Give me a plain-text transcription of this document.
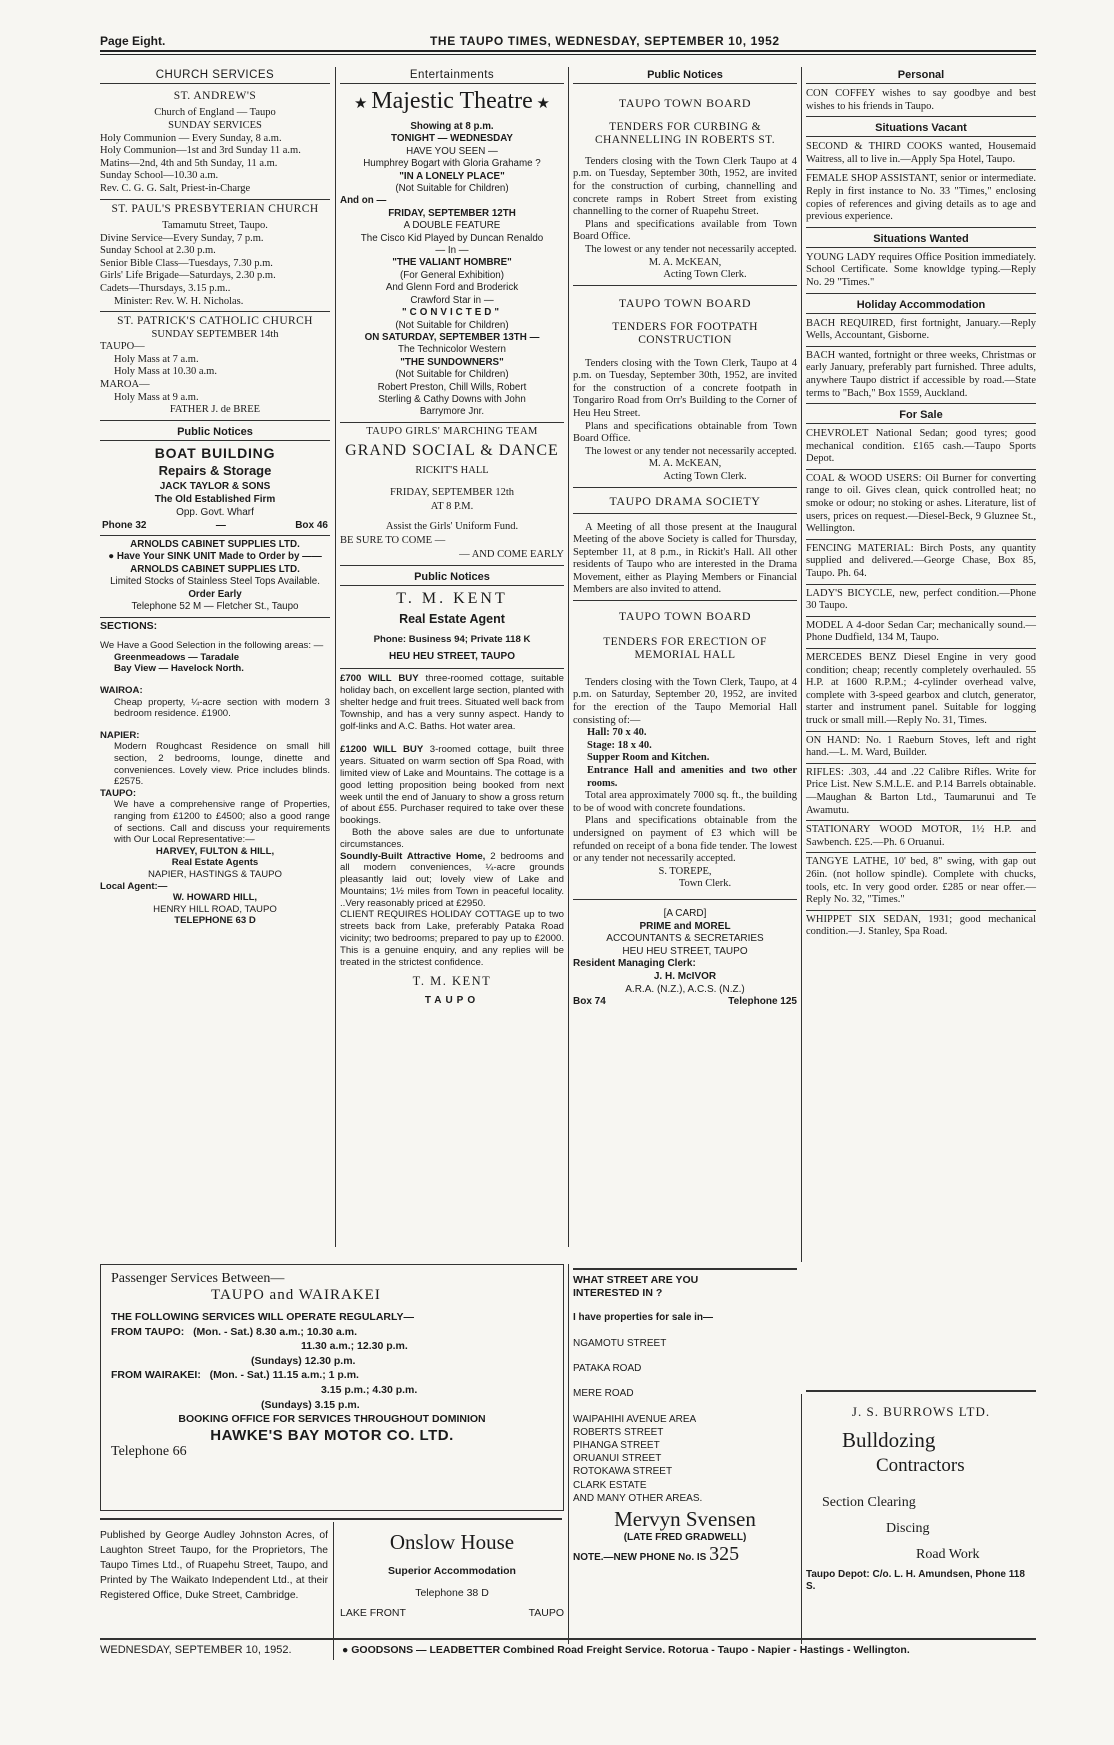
Page Eight.	THE TAUPO TIMES, WEDNESDAY, SEPTEMBER 10, 1952
CHURCH SERVICES

ST. ANDREW'S

Church of England — Taupo

SUNDAY SERVICES

Holy Communion — Every Sunday, 8 a.m.

Holy Communion—1st and 3rd Sunday 11 a.m.

Matins—2nd, 4th and 5th Sunday, 11 a.m.

Sunday School—10.30 a.m.

Rev. C. G. G. Salt, Priest-in-Charge

ST. PAUL'S PRESBYTERIAN CHURCH

Tamamutu Street, Taupo.

Divine Service—Every Sunday, 7 p.m.

Sunday School at 2.30 p.m.

Senior Bible Class—Tuesdays, 7.30 p.m.

Girls' Life Brigade—Saturdays, 2.30 p.m.

Cadets—Thursdays, 3.15 p.m..

Minister: Rev. W. H. Nicholas.

ST. PATRICK'S CATHOLIC CHURCH

SUNDAY SEPTEMBER 14th

TAUPO—

Holy Mass at 7 a.m.

Holy Mass at 10.30 a.m.

MAROA—

Holy Mass at 9 a.m.

FATHER J. de BREE

Public Notices

BOAT BUILDING

Repairs & Storage

JACK TAYLOR & SONS

The Old Established Firm

Opp. Govt. Wharf

Phone 32	—	Box 46

ARNOLDS CABINET SUPPLIES LTD.

● Have Your SINK UNIT Made to Order by ——

ARNOLDS CABINET SUPPLIES LTD.

Limited Stocks of Stainless Steel Tops Available.

Order Early

Telephone 52 M — Fletcher St., Taupo

SECTIONS:

We Have a Good Selection in the following areas: —

Greenmeadows — Taradale

Bay View — Havelock North.

WAIROA:

Cheap property, ¼-acre section with modern 3 bedroom residence. £1900.

NAPIER:

Modern Roughcast Residence on small hill section, 2 bedrooms, lounge, dinette and conveniences. Lovely view. Price includes blinds. £2575.

TAUPO:

We have a comprehensive range of Properties, ranging from £1200 to £4500; also a good range of sections. Call and discuss your requirements with Our Local Representative:—

HARVEY, FULTON & HILL,

Real Estate Agents

NAPIER, HASTINGS & TAUPO

Local Agent:—

W. HOWARD HILL,

HENRY HILL ROAD, TAUPO

TELEPHONE 63 D

Entertainments

★ Majestic Theatre ★

Showing at 8 p.m.

TONIGHT — WEDNESDAY

HAVE YOU SEEN —

Humphrey Bogart with Gloria Grahame ?

"IN A LONELY PLACE"

(Not Suitable for Children)

And on —

FRIDAY, SEPTEMBER 12TH

A DOUBLE FEATURE

The Cisco Kid Played by Duncan Renaldo

— In —

"THE VALIANT HOMBRE"

(For General Exhibition)

And Glenn Ford and Broderick

Crawford Star in —

"CONVICTED"

(Not Suitable for Children)

ON SATURDAY, SEPTEMBER 13TH —

The Technicolor Western

"THE SUNDOWNERS"

(Not Suitable for Children)

Robert Preston, Chill Wills, Robert

Sterling & Cathy Downs with John

Barrymore Jnr.

TAUPO GIRLS' MARCHING TEAM

GRAND SOCIAL & DANCE

RICKIT'S HALL

FRIDAY, SEPTEMBER 12th

AT 8 P.M.

Assist the Girls' Uniform Fund.

BE SURE TO COME —

— AND COME EARLY

Public Notices

T. M. KENT

Real Estate Agent

Phone: Business 94; Private 118 K

HEU HEU STREET, TAUPO

£700 WILL BUY three-roomed cottage, suitable holiday bach, on excellent large section, planted with shelter hedge and fruit trees. Situated well back from Township, and has a very sunny aspect. Handy to golf-links and A.C. Baths. Hot water area.

£1200 WILL BUY 3-roomed cottage, built three years. Situated on warm section off Spa Road, with limited view of Lake and Mountains. The cottage is a good letting proposition being booked from next week until the end of January to show a gross return of about £55. Purchaser required to take over these bookings.

Both the above sales are due to unfortunate circumstances.

Soundly-Built Attractive Home, 2 bedrooms and all modern conveniences, ¼-acre grounds pleasantly laid out; lovely view of Lake and Mountains; 1½ miles from Town in peaceful locality. ..Very reasonably priced at £2950.

CLIENT REQUIRES HOLIDAY COTTAGE up to two streets back from Lake, preferably Pataka Road vicinity; two bedrooms; prepared to pay up to £2000. This is a genuine enquiry, and any replies will be treated in the strictest confidence.

T. M. KENT

TAUPO

Public Notices

TAUPO TOWN BOARD

TENDERS FOR CURBING & CHANNELLING IN ROBERTS ST.

Tenders closing with the Town Clerk Taupo at 4 p.m. on Tuesday, September 30th, 1952, are invited for the construction of curbing, channelling and concrete ramps in Robert Street from existing channelling to the corner of Ruapehu Street.

Plans and specifications available from Town Board Office.

The lowest or any tender not necessarily accepted.

M. A. McKEAN,

Acting Town Clerk.

TAUPO TOWN BOARD

TENDERS FOR FOOTPATH CONSTRUCTION

Tenders closing with the Town Clerk, Taupo at 4 p.m. on Tuesday, September 30th, 1952, are invited for the construction of a concrete footpath in Tongariro Road from Orr's Building to the Corner of Heu Heu Street.

Plans and specifications obtainable from Town Board Office.

The lowest or any tender not necessarily accepted.

M. A. McKEAN,

Acting Town Clerk.

TAUPO DRAMA SOCIETY

A Meeting of all those present at the Inaugural Meeting of the above Society is called for Thursday, September 11, at 8 p.m., in Rickit's Hall. All other residents of Taupo who are interested in the Drama Movement, either as Playing Members or Financial Members are also invited to attend.

TAUPO TOWN BOARD

TENDERS FOR ERECTION OF MEMORIAL HALL

Tenders closing with the Town Clerk, Taupo, at 4 p.m. on Saturday, September 20, 1952, are invited for the erection of the Taupo Memorial Hall consisting of:—

Hall: 70 x 40.

Stage: 18 x 40.

Supper Room and Kitchen.

Entrance Hall and amenities and two other rooms.

Total area approximately 7000 sq. ft., the building to be of wood with concrete foundations.

Plans and specifications obtainable from the undersigned on payment of £3 which will be refunded on receipt of a bona fide tender. The lowest or any tender not necessarily accepted.

S. TOREPE,

Town Clerk.

[A CARD]

PRIME and MOREL

ACCOUNTANTS & SECRETARIES

HEU HEU STREET, TAUPO

Resident Managing Clerk:

J. H. McIVOR

A.R.A. (N.Z.), A.C.S. (N.Z.)

Box 74	Telephone 125

Personal

CON COFFEY wishes to say goodbye and best wishes to his friends in Taupo.

Situations Vacant

SECOND & THIRD COOKS wanted, Housemaid Waitress, all to live in.—Apply Spa Hotel, Taupo.

FEMALE SHOP ASSISTANT, senior or intermediate. Reply in first instance to No. 33 "Times," enclosing copies of references and giving details as to age and previous experience.

Situations Wanted

YOUNG LADY requires Office Position immediately. School Certificate. Some knowldge typing.—Reply No. 29 "Times."

Holiday Accommodation

BACH REQUIRED, first fortnight, January.—Reply Wells, Accountant, Gisborne.

BACH wanted, fortnight or three weeks, Christmas or early January, preferably part furnished. Three adults, anywhere Taupo district if accessible by road.—State terms to "Bach," Box 1559, Auckland.

For Sale

CHEVROLET National Sedan; good tyres; good mechanical condition. £165 cash.—Taupo Sports Depot.

COAL & WOOD USERS: Oil Burner for converting range to oil. Gives clean, quick controlled heat; no smoke or odour; no stoking or ashes. Literature, list of users, prices on request.—Diesel-Beck, 9 Gluznee St., Wellington.

FENCING MATERIAL: Birch Posts, any quantity supplied and delivered.—George Chase, Box 85, Taupo. Ph. 64.

LADY'S BICYCLE, new, perfect condition.—Phone 30 Taupo.

MODEL A 4-door Sedan Car; mechanically sound.—Phone Dudfield, 134 M, Taupo.

MERCEDES BENZ Diesel Engine in very good condition; cheap; recently completely overhauled. 55 H.P. at 1600 R.P.M.; 4-cylinder overhead valve, complete with 3-speed gearbox and clutch, generator, starter and instrument panel. Suitable for logging truck or small mill.—Reply No. 31, Times.

ON HAND: No. 1 Raeburn Stoves, left and right hand.—L. M. Ward, Builder.

RIFLES: .303, .44 and .22 Calibre Rifles. Write for Price List. New S.M.L.E. and P.14 Barrels obtainable.—Maughan & Barton Ltd., Taumarunui and Te Awamutu.

STATIONARY WOOD MOTOR, 1½ H.P. and Sawbench. £25.—Ph. 6 Oruanui.

TANGYE LATHE, 10' bed, 8" swing, with gap out 26in. (not hollow spindle). Complete with chucks, tools, etc. In very good order. £285 or near offer.—Reply No. 32, "Times."

WHIPPET SIX SEDAN, 1931; good mechanical condition.—J. Stanley, Spa Road.

Passenger Services Between—

TAUPO and WAIRAKEI

THE FOLLOWING SERVICES WILL OPERATE REGULARLY—

FROM TAUPO: (Mon. - Sat.) 8.30 a.m.; 10.30 a.m.

11.30 a.m.; 12.30 p.m.

(Sundays) 12.30 p.m.

FROM WAIRAKEI: (Mon. - Sat.) 11.15 a.m.; 1 p.m.

3.15 p.m.; 4.30 p.m.

(Sundays) 3.15 p.m.

BOOKING OFFICE FOR SERVICES THROUGHOUT DOMINION

HAWKE'S BAY MOTOR CO. LTD.

Telephone 66

Published by George Audley Johnston Acres, of Laughton Street Taupo, for the Proprietors, The Taupo Times Ltd., of Ruapehu Street, Taupo, and Printed by The Waikato Independent Ltd., at their Registered Office, Duke Street, Cambridge.

Onslow House

Superior Accommodation

Telephone 38 D

LAKE FRONT	TAUPO

WHAT STREET ARE YOU INTERESTED IN ?

I have properties for sale in—

NGAMOTU STREET

PATAKA ROAD

MERE ROAD

WAIPAHIHI AVENUE AREA

ROBERTS STREET

PIHANGA STREET

ORUANUI STREET

ROTOKAWA STREET

CLARK ESTATE

AND MANY OTHER AREAS.

Mervyn Svensen

(LATE FRED GRADWELL)

NOTE.—NEW PHONE No. IS 325

J. S. BURROWS LTD.

Bulldozing

Contractors

Section Clearing

Discing

Road Work

Taupo Depot: C/o. L. H. Amundsen, Phone 118 S.

WEDNESDAY, SEPTEMBER 10, 1952.	● GOODSONS — LEADBETTER Combined Road Freight Service. Rotorua - Taupo - Napier - Hastings - Wellington.
